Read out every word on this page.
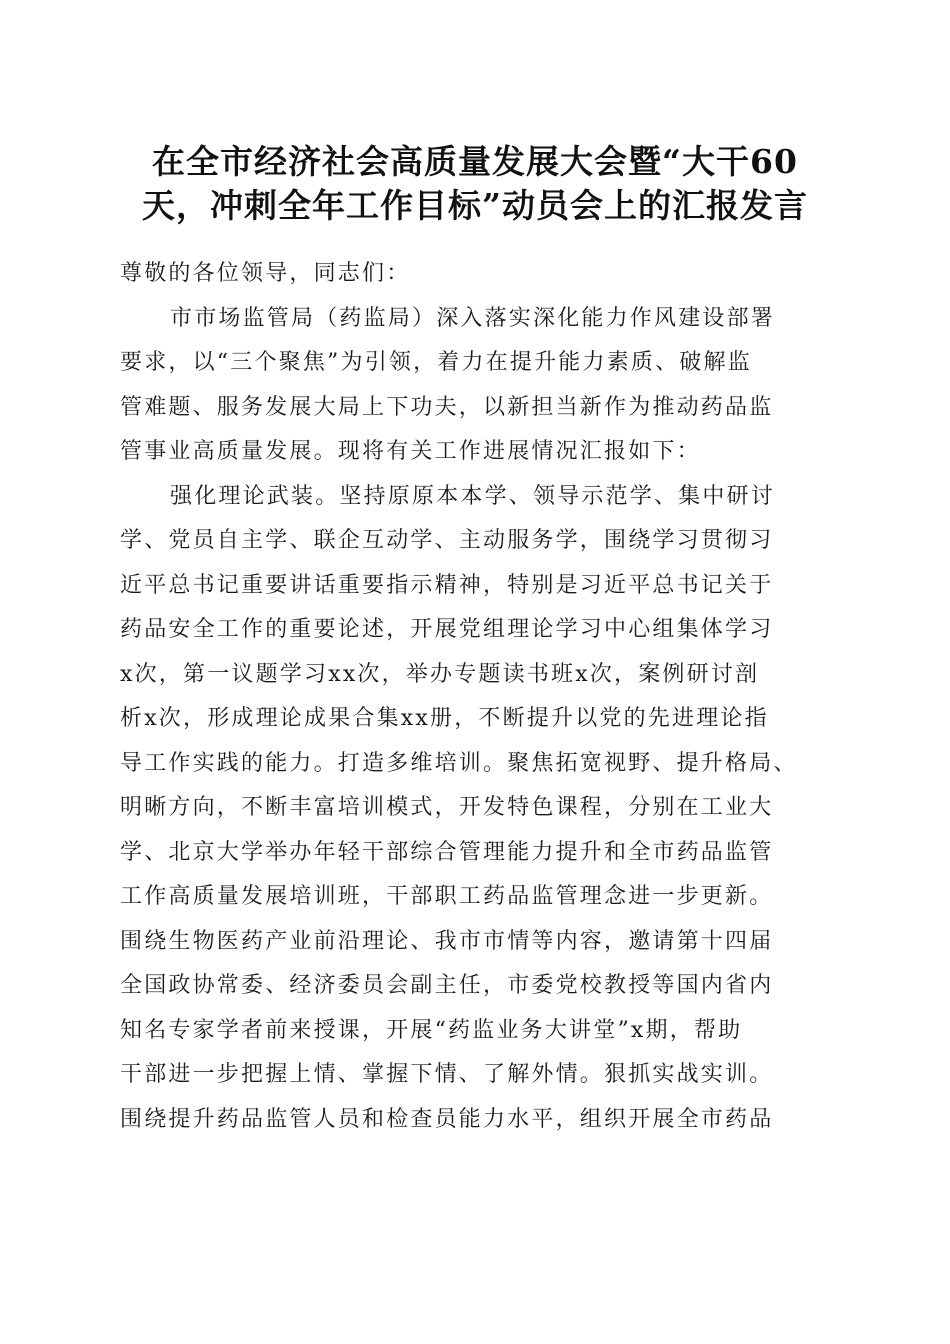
在全市经济社会高质量发展大会暨“大干60
天，冲刺全年工作目标”动员会上的汇报发言

尊敬的各位领导，同志们：

市市场监管局（药监局）深入落实深化能力作风建设部署
要求，以“三个聚焦”为引领，着力在提升能力素质、破解监
管难题、服务发展大局上下功夫，以新担当新作为推动药品监
管事业高质量发展。现将有关工作进展情况汇报如下：

强化理论武装。坚持原原本本学、领导示范学、集中研讨
学、党员自主学、联企互动学、主动服务学，围绕学习贯彻习
近平总书记重要讲话重要指示精神，特别是习近平总书记关于
药品安全工作的重要论述，开展党组理论学习中心组集体学习
x次，第一议题学习xx次，举办专题读书班x次，案例研讨剖
析x次，形成理论成果合集xx册，不断提升以党的先进理论指
导工作实践的能力。打造多维培训。聚焦拓宽视野、提升格局、
明晰方向，不断丰富培训模式，开发特色课程，分别在工业大
学、北京大学举办年轻干部综合管理能力提升和全市药品监管
工作高质量发展培训班，干部职工药品监管理念进一步更新。
围绕生物医药产业前沿理论、我市市情等内容，邀请第十四届
全国政协常委、经济委员会副主任，市委党校教授等国内省内
知名专家学者前来授课，开展“药监业务大讲堂”x期，帮助
干部进一步把握上情、掌握下情、了解外情。狠抓实战实训。
围绕提升药品监管人员和检查员能力水平，组织开展全市药品
